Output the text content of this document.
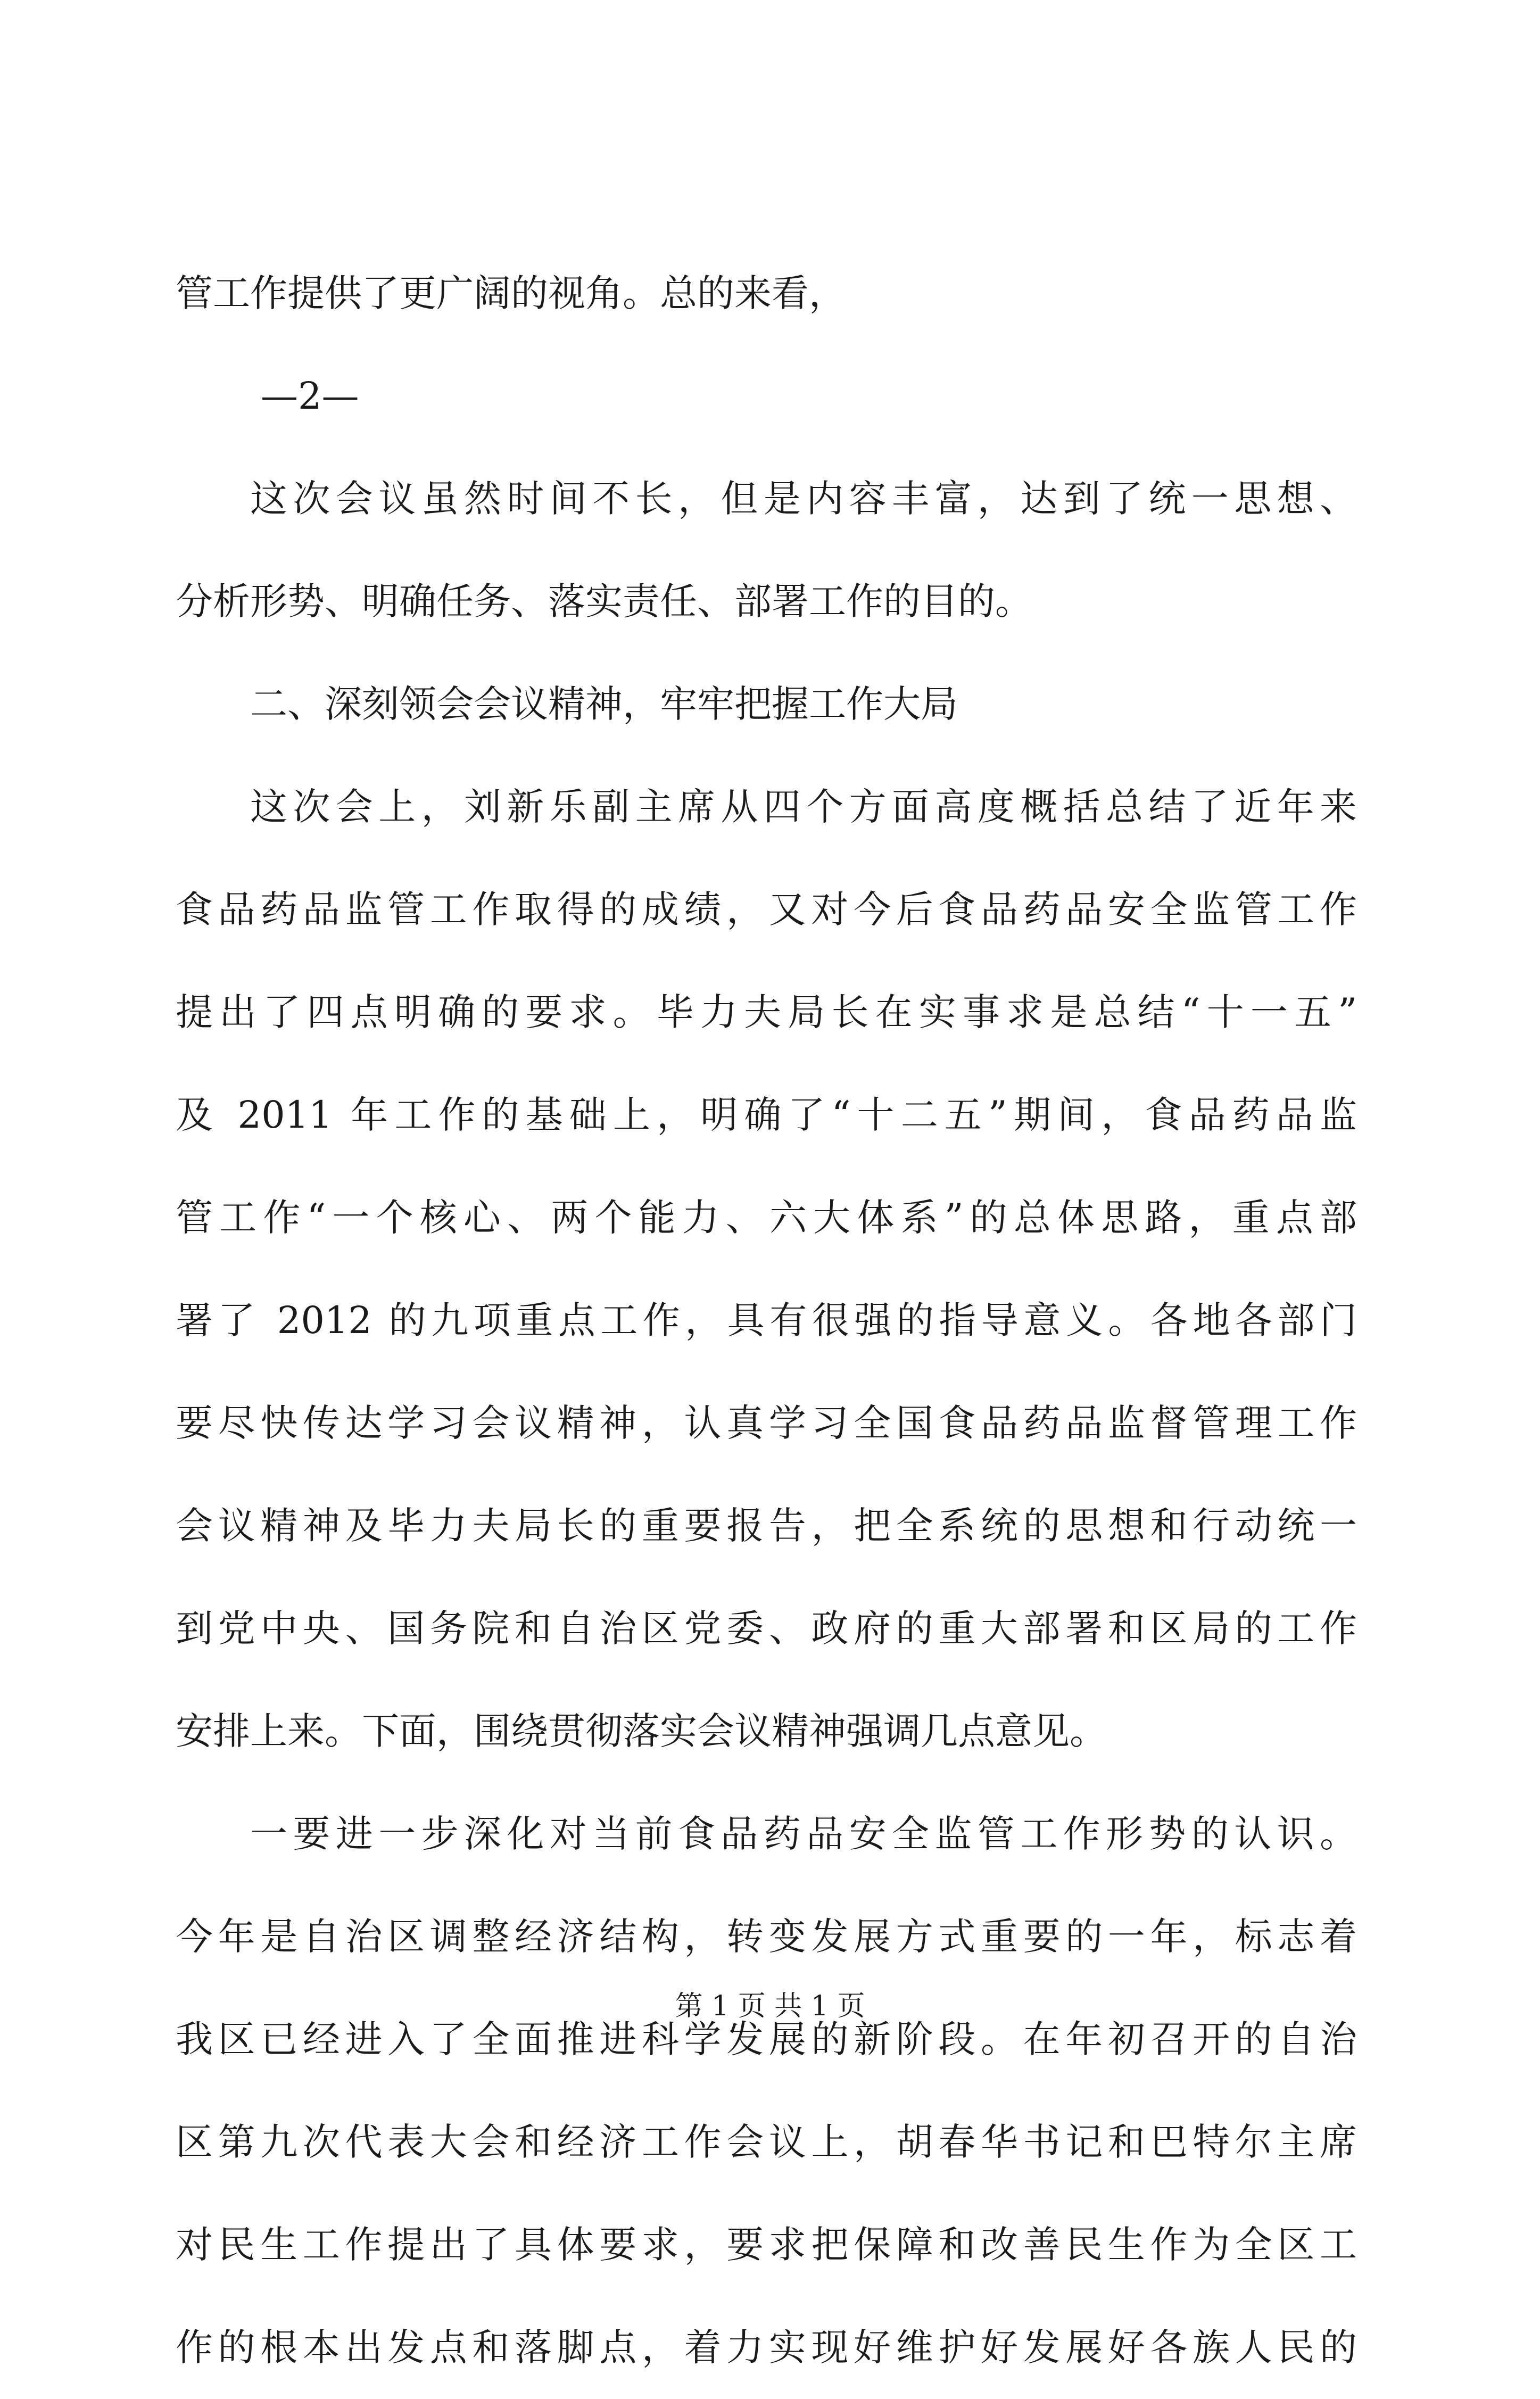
管工作提供了更广阔的视角。总的来看，
—2—
这次会议虽然时间不长，但是内容丰富，达到了统一思想、
分析形势、明确任务、落实责任、部署工作的目的。
二、深刻领会会议精神，牢牢把握工作大局
这次会上，刘新乐副主席从四个方面高度概括总结了近年来
食品药品监管工作取得的成绩，又对今后食品药品安全监管工作
提出了四点明确的要求。毕力夫局长在实事求是总结“十一五”
及 2011 年工作的基础上，明确了“十二五”期间，食品药品监
管工作“一个核心、两个能力、六大体系”的总体思路，重点部
署了 2012 的九项重点工作，具有很强的指导意义。各地各部门
要尽快传达学习会议精神，认真学习全国食品药品监督管理工作
会议精神及毕力夫局长的重要报告，把全系统的思想和行动统一
到党中央、国务院和自治区党委、政府的重大部署和区局的工作
安排上来。下面，围绕贯彻落实会议精神强调几点意见。
一要进一步深化对当前食品药品安全监管工作形势的认识。
今年是自治区调整经济结构，转变发展方式重要的一年，标志着
我区已经进入了全面推进科学发展的新阶段。在年初召开的自治
区第九次代表大会和经济工作会议上，胡春华书记和巴特尔主席
对民生工作提出了具体要求，要求把保障和改善民生作为全区工
作的根本出发点和落脚点，着力实现好维护好发展好各族人民的
第 1 页 共 1 页
